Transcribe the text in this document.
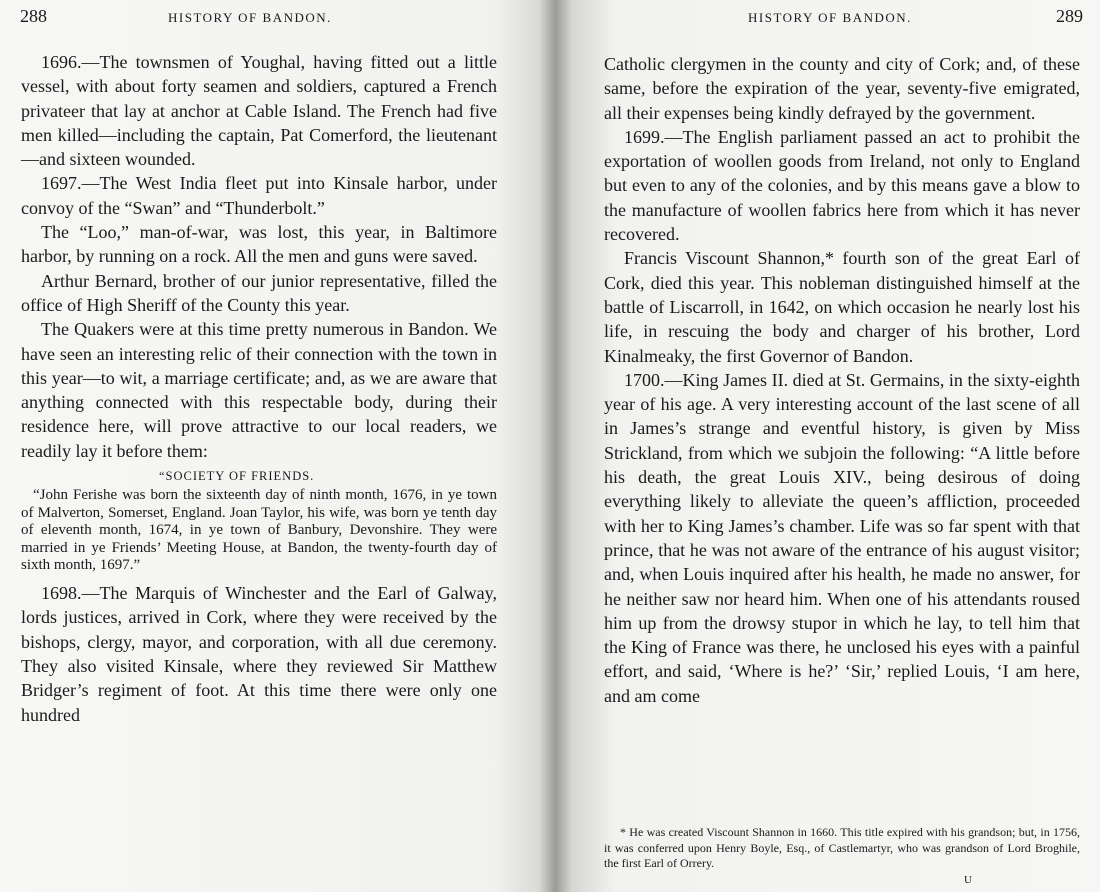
288	HISTORY OF BANDON.

1696.—The townsmen of Youghal, having fitted out a little vessel, with about forty seamen and soldiers, captured a French privateer that lay at anchor at Cable Island. The French had five men killed—including the captain, Pat Comerford, the lieutenant—and sixteen wounded.

1697.—The West India fleet put into Kinsale harbor, under convoy of the “Swan” and “Thunderbolt.”

The “Loo,” man-of-war, was lost, this year, in Baltimore harbor, by running on a rock. All the men and guns were saved.

Arthur Bernard, brother of our junior representative, filled the office of High Sheriff of the County this year.

The Quakers were at this time pretty numerous in Bandon. We have seen an interesting relic of their connection with the town in this year—to wit, a marriage certificate; and, as we are aware that anything connected with this respectable body, during their residence here, will prove attractive to our local readers, we readily lay it before them:

“SOCIETY OF FRIENDS.

“John Ferishe was born the sixteenth day of ninth month, 1676, in ye town of Malverton, Somerset, England. Joan Taylor, his wife, was born ye tenth day of eleventh month, 1674, in ye town of Banbury, Devonshire. They were married in ye Friends’ Meeting House, at Bandon, the twenty-fourth day of sixth month, 1697.”

1698.—The Marquis of Winchester and the Earl of Galway, lords justices, arrived in Cork, where they were received by the bishops, clergy, mayor, and corporation, with all due ceremony. They also visited Kinsale, where they reviewed Sir Matthew Bridger’s regiment of foot. At this time there were only one hundred

HISTORY OF BANDON.	289

Catholic clergymen in the county and city of Cork; and, of these same, before the expiration of the year, seventy-five emigrated, all their expenses being kindly defrayed by the government.

1699.—The English parliament passed an act to prohibit the exportation of woollen goods from Ireland, not only to England but even to any of the colonies, and by this means gave a blow to the manufacture of woollen fabrics here from which it has never recovered.

Francis Viscount Shannon,* fourth son of the great Earl of Cork, died this year. This nobleman distinguished himself at the battle of Liscarroll, in 1642, on which occasion he nearly lost his life, in rescuing the body and charger of his brother, Lord Kinalmeaky, the first Governor of Bandon.

1700.—King James II. died at St. Germains, in the sixty-eighth year of his age. A very interesting account of the last scene of all in James’s strange and eventful history, is given by Miss Strickland, from which we subjoin the following: “A little before his death, the great Louis XIV., being desirous of doing everything likely to alleviate the queen’s affliction, proceeded with her to King James’s chamber. Life was so far spent with that prince, that he was not aware of the entrance of his august visitor; and, when Louis inquired after his health, he made no answer, for he neither saw nor heard him. When one of his attendants roused him up from the drowsy stupor in which he lay, to tell him that the King of France was there, he unclosed his eyes with a painful effort, and said, ‘Where is he?’ ‘Sir,’ replied Louis, ‘I am here, and am come

* He was created Viscount Shannon in 1660. This title expired with his grandson; but, in 1756, it was conferred upon Henry Boyle, Esq., of Castlemartyr, who was grandson of Lord Broghile, the first Earl of Orrery.

U
